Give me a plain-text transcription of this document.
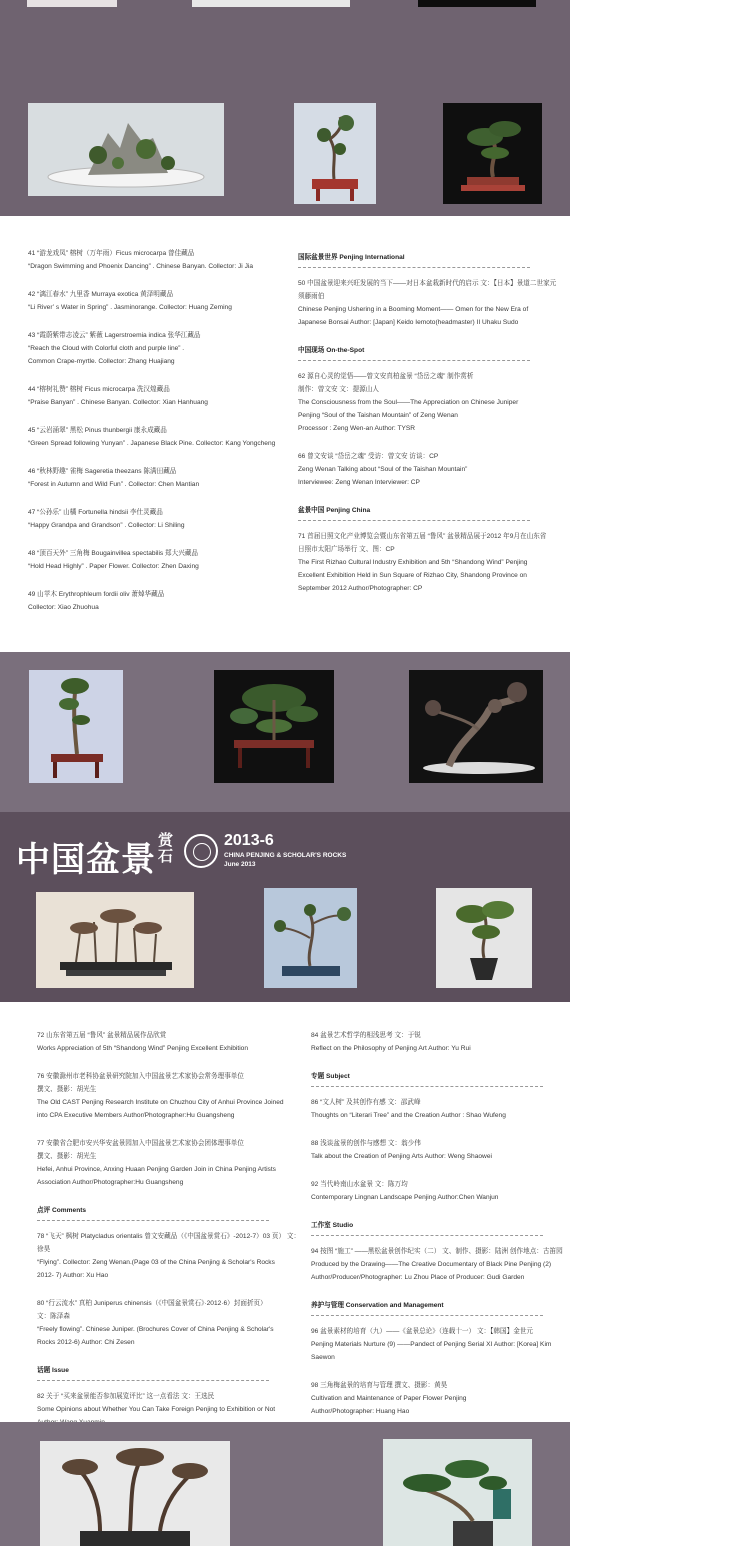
41 “游龙戏凤” 榕树（万年雨）Ficus microcarpa 曾佳藏品

“Dragon Swimming and Phoenix Dancing” . Chinese Banyan. Collector: Ji Jia

42 “漓江春水” 九里香 Murraya exotica 黄泽明藏品

“Li River’ s Water in Spring” . Jasminorange. Collector: Huang Zeming

43 “霞蔚紫带志凌云” 紫薇 Lagerstroemia indica 张华江藏品

“Reach the Cloud with Colorful cloth and purple line” .

Common Crape-myrtle. Collector: Zhang Huajiang

44 “榕树礼赞” 榕树 Ficus microcarpa 冼汉煌藏品

“Praise Banyan” . Chinese Banyan. Collector: Xian Hanhuang

45 “云岩涌翠” 黑松 Pinus thunbergii 康永成藏品

“Green Spread following Yunyan” . Japanese Black Pine. Collector: Kang Yongcheng

46 “秋林野趣” 雀梅 Sageretia theezans 陈满田藏品

“Forest in Autumn and Wild Fun” . Collector: Chen Mantian

47 “公孙乐” 山橘 Fortunella hindsii 李仕灵藏品

“Happy Grandpa and Grandson” . Collector: Li Shiling

48 “顶百天外” 三角梅 Bougainvillea spectabilis 郑大兴藏品

“Hold Head Highly” . Paper Flower. Collector: Zhen Daxing

49 山苹木 Erythrophleum fordii oliv 萧焯华藏品

Collector: Xiao Zhuohua

国际盆景世界 Penjing International

50 中国盆景迎来兴旺发展的当下——对日本盆栽新时代的启示 文：【日本】景道二世家元

须藤雨伯

Chinese Penjing Ushering in a Booming Moment—— Omen for the New Era of

Japanese Bonsai Author: [Japan] Keido Iemoto(headmaster) II Uhaku Sudo

中国现场 On-the-Spot

62 源自心灵的觉悟——曾文安真柏盆景 “岱岳之魂” 制作赏析

制作：曾文安 文：提源山人

The Consciousness from the Soul——The Appreciation on Chinese Juniper

Penjing “Soul of the Taishan Mountain” of Zeng Wenan

Processor : Zeng Wen-an Author: TYSR

66 曾文安谈 “岱岳之魂” 受访：曾文安 访谈：CP

Zeng Wenan Talking about “Soul of the Taishan Mountain”

Interviewee: Zeng Wenan Interviewer: CP

盆景中国 Penjing China

71 首届日照文化产业博览会暨山东省第五届 “鲁风” 盆景精品展于2012 年9月在山东省

日照市太阳广场举行 文、图：CP

The First Rizhao Cultural Industry Exhibition and 5th “Shandong Wind” Penjing

Excellent Exhibition Held in Sun Square of Rizhao City, Shandong Province on

September 2012 Author/Photographer: CP

中国盆景 赏石
2013-6
CHINA PENJING & SCHOLAR'S ROCKS
June 2013

72 山东省第五届 “鲁风” 盆景精品展作品欣赏

Works Appreciation of 5th “Shandong Wind” Penjing Excellent Exhibition

76 安徽滁州市老科协盆景研究院加入中国盆景艺术家协会常务理事单位

撰文、摄影：胡光生

The Old CAST Penjing Research Institute on Chuzhou City of Anhui Province Joined

into CPA Executive Members Author/Photographer:Hu Guangsheng

77 安徽省合肥市安兴华安盆景园加入中国盆景艺术家协会团体理事单位

撰文、摄影：胡光生

Hefei, Anhui Province, Anxing Huaan Penjing Garden Join in China Penjing Artists

Association Author/Photographer:Hu Guangsheng

点评 Comments

78 “飞天” 枫树 Platycladus orientalis 曾文安藏品（《中国盆景赏石》-2012-7）03 页） 文：徐昊

“Flying”. Collector: Zeng Wenan.(Page 03 of the China Penjing & Scholar's Rocks

2012- 7) Author: Xu Hao

80 “行云流水” 真柏 Juniperus chinensis（《中国盆景赏石》·2012·6）封面折页）

文：陈泽森

“Freely flowing”. Chinese Juniper. (Brochures Cover of China Penjing & Scholar's

Rocks 2012-6) Author: Chi Zesen

话题 Issue

82 关于 “买来盆景能否参加展览评比” 这一点看法 文：王选民

Some Opinions about Whether You Can Take Foreign Penjing to Exhibition or Not

84 盆景艺术哲学的相浅思考 文：于锐

Reflect on the Philosophy of Penjing Art Author: Yu Rui

专题 Subject

86 “文人树” 及其创作有感 文：邵武峰

Thoughts on “Literari Tree” and the Creation Author : Shao Wufeng

88 浅谈盆景的创作与感想 文：翁少伟

Talk about the Creation of Penjing Arts Author: Weng Shaowei

92 当代岭南山水盆景 文：陈万均

Contemporary Lingnan Landscape Penjing Author:Chen Wanjun

工作室 Studio

94 按图 “施工” ——黑松盆景创作纪实（二） 文、制作、摄影：陆洲 创作地点：古笛园

Produced by the Drawing——The Creative Documentary of Black Pine Penjing (2)

Author/Producer/Photographer: Lu Zhou Place of Producer: Gudi Garden

养护与管理 Conservation and Management

96 盆景素材的培育（九）——《盆景总论》（连载十一） 文：【韩国】金世元

Penjing Materials Nurture (9) ——Pandect of Penjing Serial XI Author: [Korea] Kim Saewon

98 三角梅盆景的培育与管理 撰文、摄影：黄昊

Cultivation and Maintenance of Paper Flower Penjing

Author/Photographer: Huang Hao
